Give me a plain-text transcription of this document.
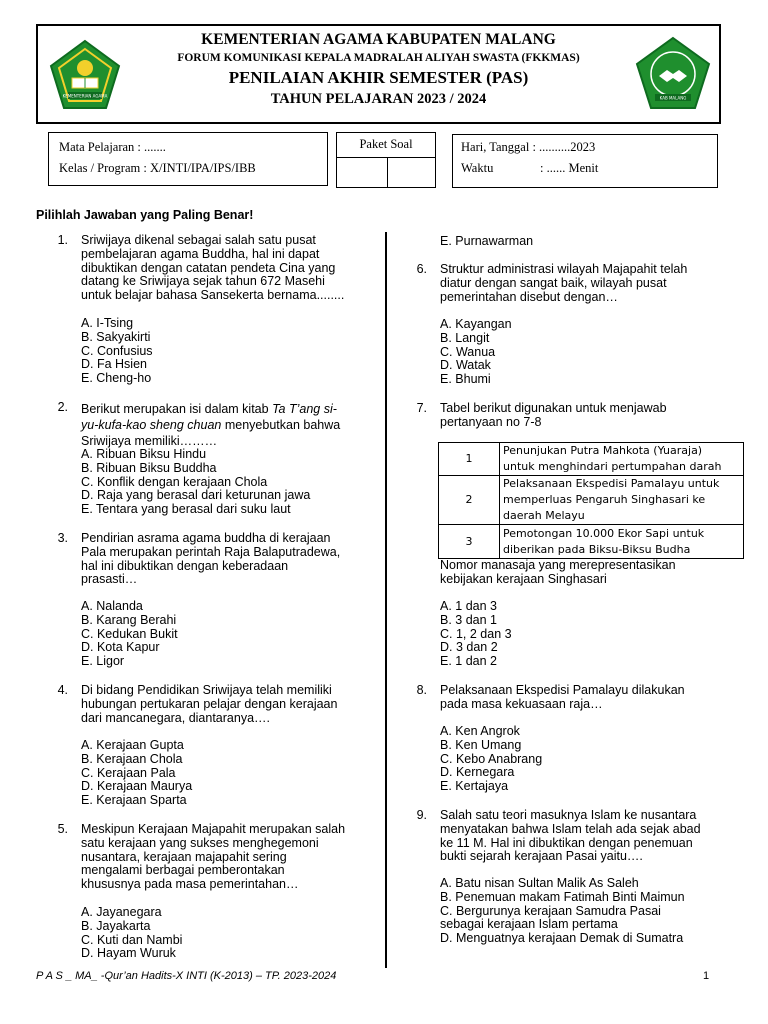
KEMENTERIAN AGAMA
KEMENTERIAN AGAMA KABUPATEN MALANG
FORUM KOMUNIKASI KEPALA MADRALAH ALIYAH SWASTA (FKKMAS)
PENILAIAN AKHIR SEMESTER (PAS)
TAHUN PELAJARAN 2023 / 2024	KAB MALANG
Mata Pelajaran : .......
Kelas / Program : X/INTI/IPA/IPS/IBB
Paket Soal	Hari, Tanggal : ..........2023
Waktu	: ...... Menit
Pilihlah Jawaban yang Paling Benar!
1. Sriwijaya dikenal sebagai salah satu pusat
pembelajaran agama Buddha, hal ini dapat
dibuktikan dengan catatan pendeta Cina yang
datang ke Sriwijaya sejak tahun 672 Masehi
untuk belajar bahasa Sansekerta bernama........
A. I-Tsing
B. Sakyakirti
C. Confusius
D. Fa Hsien
E. Cheng-ho
2. Berikut merupakan isi dalam kitab Ta T’ang si-
yu-kufa-kao sheng chuan menyebutkan bahwa
Sriwijaya memiliki………
A. Ribuan Biksu Hindu
B. Ribuan Biksu Buddha
C. Konflik dengan kerajaan Chola
D. Raja yang berasal dari keturunan jawa
E. Tentara yang berasal dari suku laut
3. Pendirian asrama agama buddha di kerajaan
Pala merupakan perintah Raja Balaputradewa,
hal ini dibuktikan dengan keberadaan
prasasti…
A. Nalanda
B. Karang Berahi
C. Kedukan Bukit
D. Kota Kapur
E. Ligor
4. Di bidang Pendidikan Sriwijaya telah memiliki
hubungan pertukaran pelajar dengan kerajaan
dari mancanegara, diantaranya….
A. Kerajaan Gupta
B. Kerajaan Chola
C. Kerajaan Pala
D. Kerajaan Maurya
E. Kerajaan Sparta
5. Meskipun Kerajaan Majapahit merupakan salah
satu kerajaan yang sukses menghegemoni
nusantara, kerajaan majapahit sering
mengalami berbagai pemberontakan
khususnya pada masa pemerintahan…
A. Jayanegara
B. Jayakarta
C. Kuti dan Nambi
D. Hayam Wuruk
E. Purnawarman
6. Struktur administrasi wilayah Majapahit telah
diatur dengan sangat baik, wilayah pusat
pemerintahan disebut dengan…
A. Kayangan
B. Langit
C. Wanua
D. Watak
E. Bhumi
7. Tabel berikut digunakan untuk menjawab
pertanyaan no 7-8
1	Penunjukan Putra Mahkota (Yuaraja)
untuk menghindari pertumpahan darah

2	Pelaksanaan Ekspedisi Pamalayu untuk
memperluas Pengaruh Singhasari ke
daerah Melayu

3	Pemotongan 10.000 Ekor Sapi untuk
diberikan pada Biksu-Biksu Budha
Nomor manasaja yang merepresentasikan
kebijakan kerajaan Singhasari
A. 1 dan 3
B. 3 dan 1
C. 1, 2 dan 3
D. 3 dan 2
E. 1 dan 2
8. Pelaksanaan Ekspedisi Pamalayu dilakukan
pada masa kekuasaan raja…
A. Ken Angrok
B. Ken Umang
C. Kebo Anabrang
D. Kernegara
E. Kertajaya
9. Salah satu teori masuknya Islam ke nusantara
menyatakan bahwa Islam telah ada sejak abad
ke 11 M. Hal ini dibuktikan dengan penemuan
bukti sejarah kerajaan Pasai yaitu….
A. Batu nisan Sultan Malik As Saleh
B. Penemuan makam Fatimah Binti Maimun
C. Bergurunya kerajaan Samudra Pasai
sebagai kerajaan Islam pertama
D. Menguatnya kerajaan Demak di Sumatra
P A S _ MA_ -Qur’an Hadits-X INTI (K-2013) – TP. 2023-2024	1
